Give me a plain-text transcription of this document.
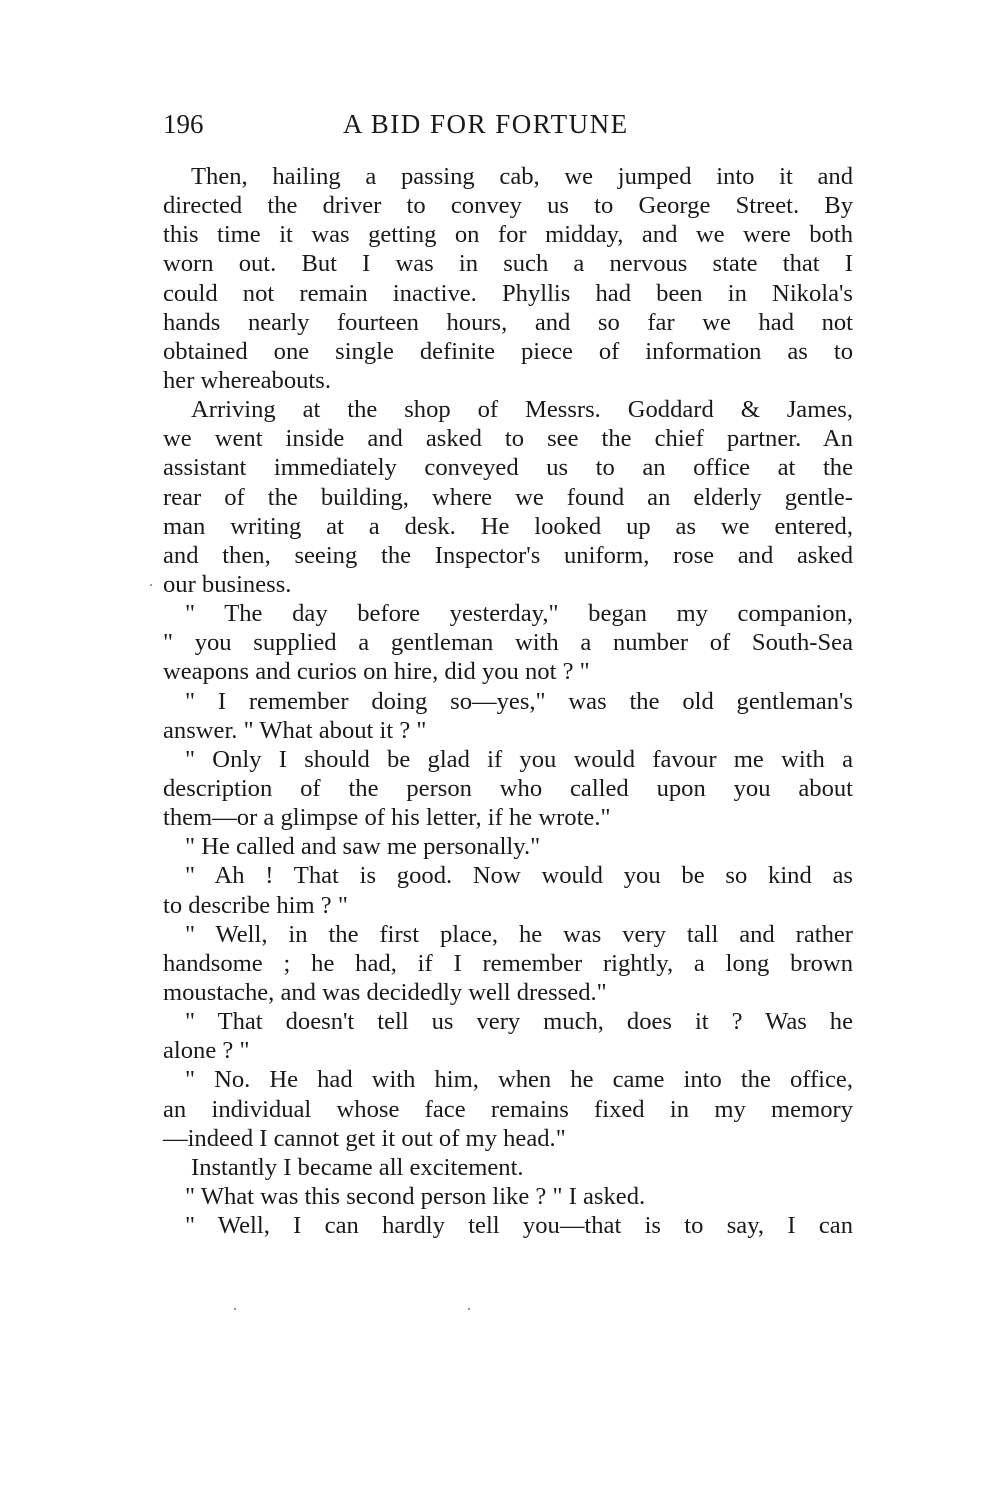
196	A BID FOR FORTUNE
Then, hailing a passing cab, we jumped into it and
directed the driver to convey us to George Street. By
this time it was getting on for midday, and we were both
worn out. But I was in such a nervous state that I
could not remain inactive. Phyllis had been in Nikola's
hands nearly fourteen hours, and so far we had not
obtained one single definite piece of information as to
her whereabouts.
Arriving at the shop of Messrs. Goddard & James,
we went inside and asked to see the chief partner. An
assistant immediately conveyed us to an office at the
rear of the building, where we found an elderly gentle-
man writing at a desk. He looked up as we entered,
and then, seeing the Inspector's uniform, rose and asked
our business.
" The day before yesterday," began my companion,
" you supplied a gentleman with a number of South-Sea
weapons and curios on hire, did you not ? "
" I remember doing so—yes," was the old gentleman's
answer. " What about it ? "
" Only I should be glad if you would favour me with a
description of the person who called upon you about
them—or a glimpse of his letter, if he wrote."
" He called and saw me personally."
" Ah ! That is good. Now would you be so kind as
to describe him ? "
" Well, in the first place, he was very tall and rather
handsome ; he had, if I remember rightly, a long brown
moustache, and was decidedly well dressed."
" That doesn't tell us very much, does it ? Was he
alone ? "
" No. He had with him, when he came into the office,
an individual whose face remains fixed in my memory
—indeed I cannot get it out of my head."
Instantly I became all excitement.
" What was this second person like ? " I asked.
" Well, I can hardly tell you—that is to say, I can
